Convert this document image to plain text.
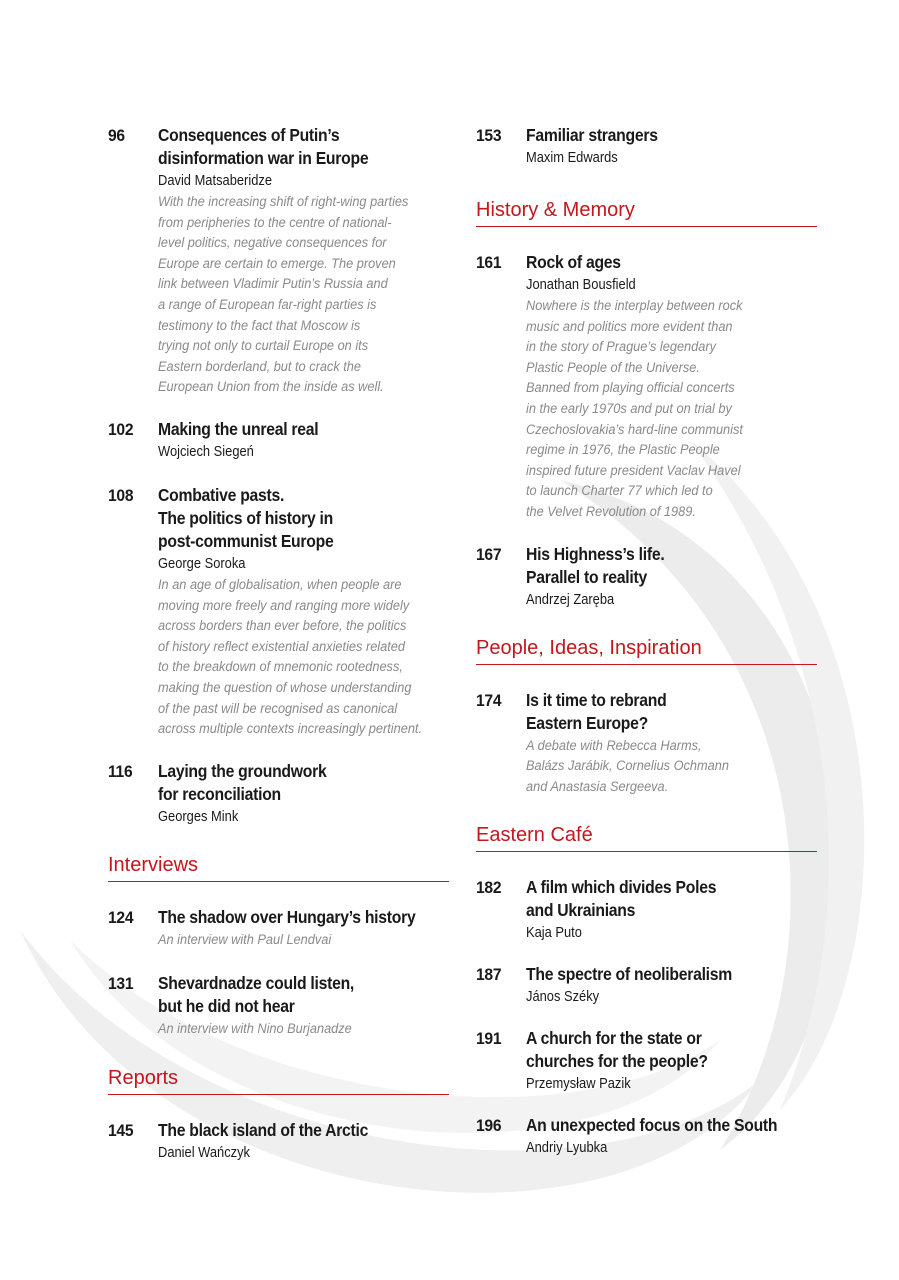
96	Consequences of Putin’s
disinformation war in Europe
David Matsaberidze
With the increasing shift of right-wing parties
from peripheries to the centre of national-
level politics, negative consequences for
Europe are certain to emerge. The proven
link between Vladimir Putin’s Russia and
a range of European far-right parties is
testimony to the fact that Moscow is
trying not only to curtail Europe on its
Eastern borderland, but to crack the
European Union from the inside as well.
102	Making the unreal real
Wojciech Siegeń
108	Combative pasts.
The politics of history in
post-communist Europe
George Soroka
In an age of globalisation, when people are
moving more freely and ranging more widely
across borders than ever before, the politics
of history reflect existential anxieties related
to the breakdown of mnemonic rootedness,
making the question of whose understanding
of the past will be recognised as canonical
across multiple contexts increasingly pertinent.
116	Laying the groundwork
for reconciliation
Georges Mink
Interviews
124	The shadow over Hungary’s history
An interview with Paul Lendvai
131	Shevardnadze could listen,
but he did not hear
An interview with Nino Burjanadze
Reports
145	The black island of the Arctic
Daniel Wańczyk
153	Familiar strangers
Maxim Edwards
History & Memory
161	Rock of ages
Jonathan Bousfield
Nowhere is the interplay between rock
music and politics more evident than
in the story of Prague’s legendary
Plastic People of the Universe.
Banned from playing official concerts
in the early 1970s and put on trial by
Czechoslovakia’s hard-line communist
regime in 1976, the Plastic People
inspired future president Vaclav Havel
to launch Charter 77 which led to
the Velvet Revolution of 1989.
167	His Highness’s life.
Parallel to reality
Andrzej Zaręba
People, Ideas, Inspiration
174	Is it time to rebrand
Eastern Europe?
A debate with Rebecca Harms,
Balázs Jarábik, Cornelius Ochmann
and Anastasia Sergeeva.
Eastern Café
182	A film which divides Poles
and Ukrainians
Kaja Puto
187	The spectre of neoliberalism
János Széky
191	A church for the state or
churches for the people?
Przemysław Pazik
196	An unexpected focus on the South
Andriy Lyubka
